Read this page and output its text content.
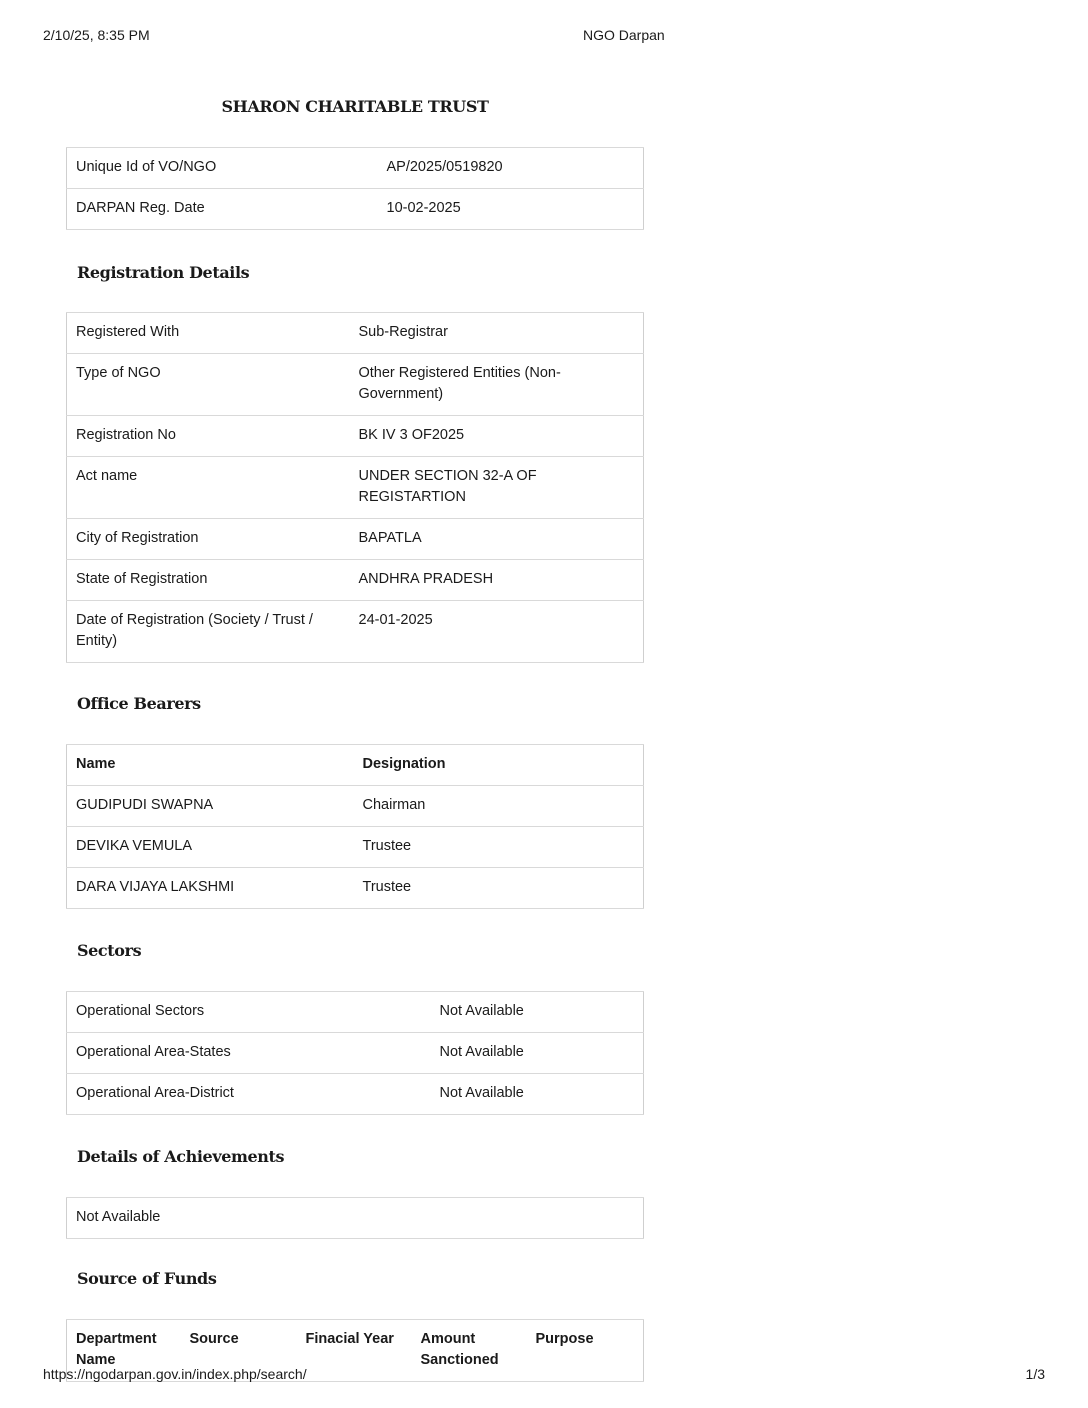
2/10/25, 8:35 PM	NGO Darpan
SHARON CHARITABLE TRUST
Unique Id of VO/NGO	AP/2025/0519820
DARPAN Reg. Date	10-02-2025
Registration Details
Registered With	Sub-Registrar
Type of NGO	Other Registered Entities (Non-Government)
Registration No	BK IV 3 OF2025
Act name	UNDER SECTION 32-A OF REGISTARTION
City of Registration	BAPATLA
State of Registration	ANDHRA PRADESH
Date of Registration (Society / Trust / Entity)	24-01-2025
Office Bearers
Name	Designation
GUDIPUDI SWAPNA	Chairman
DEVIKA VEMULA	Trustee
DARA VIJAYA LAKSHMI	Trustee
Sectors
Operational Sectors	Not Available
Operational Area-States	Not Available
Operational Area-District	Not Available
Details of Achievements
Not Available
Source of Funds
Department Name	Source	Finacial Year	Amount Sanctioned	Purpose
https://ngodarpan.gov.in/index.php/search/	1/3
